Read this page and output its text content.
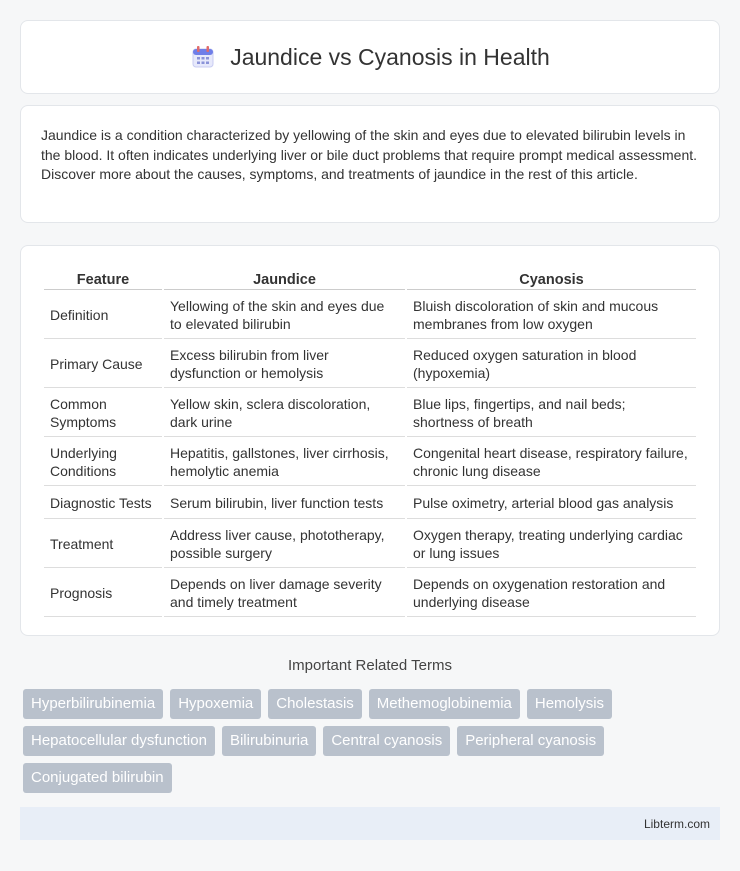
Jaundice vs Cyanosis in Health

Jaundice is a condition characterized by yellowing of the skin and eyes due to elevated bilirubin levels in the blood. It often indicates underlying liver or bile duct problems that require prompt medical assessment. Discover more about the causes, symptoms, and treatments of jaundice in the rest of this article.

Feature	Jaundice	Cyanosis
Definition	Yellowing of the skin and eyes due to elevated bilirubin	Bluish discoloration of skin and mucous membranes from low oxygen
Primary Cause	Excess bilirubin from liver dysfunction or hemolysis	Reduced oxygen saturation in blood (hypoxemia)
Common Symptoms	Yellow skin, sclera discoloration, dark urine	Blue lips, fingertips, and nail beds; shortness of breath
Underlying Conditions	Hepatitis, gallstones, liver cirrhosis, hemolytic anemia	Congenital heart disease, respiratory failure, chronic lung disease
Diagnostic Tests	Serum bilirubin, liver function tests	Pulse oximetry, arterial blood gas analysis
Treatment	Address liver cause, phototherapy, possible surgery	Oxygen therapy, treating underlying cardiac or lung issues
Prognosis	Depends on liver damage severity and timely treatment	Depends on oxygenation restoration and underlying disease
Important Related Terms
Hyperbilirubinemia	Hypoxemia	Cholestasis	Methemoglobinemia	Hemolysis
Hepatocellular dysfunction	Bilirubinuria	Central cyanosis	Peripheral cyanosis
Conjugated bilirubin
Libterm.com
